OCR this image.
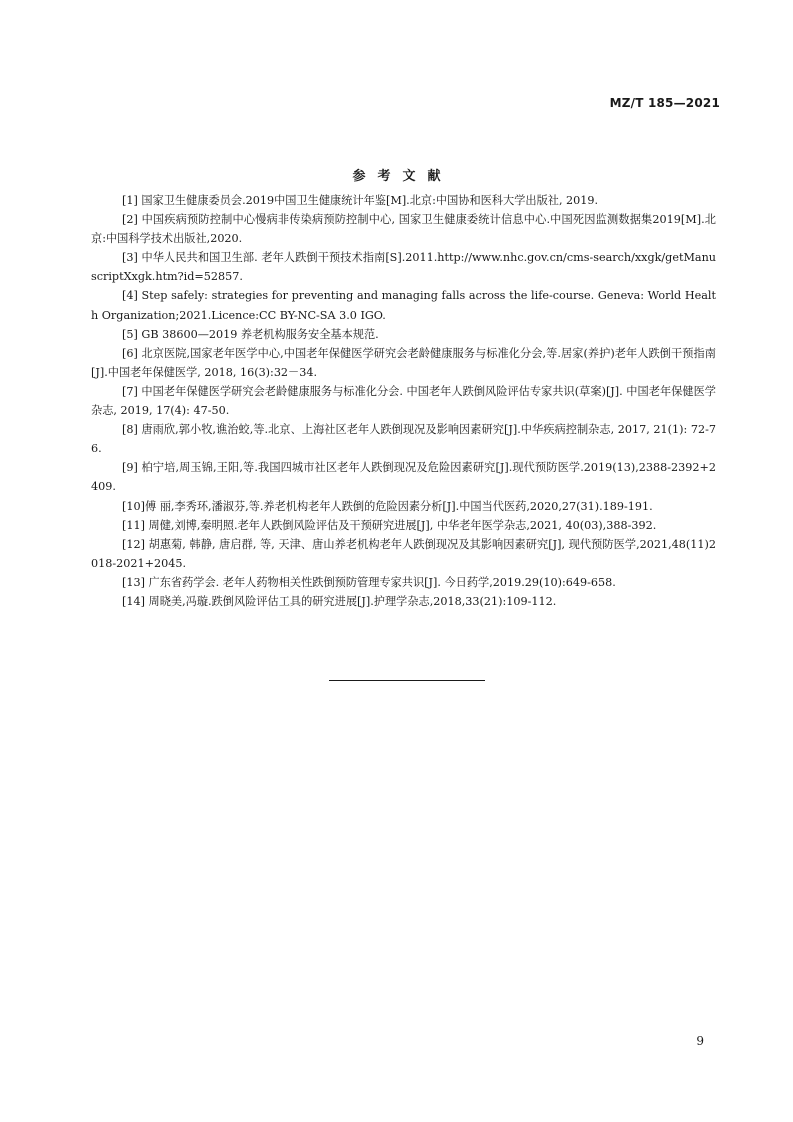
MZ/T 185—2021
参考文献

[1] 国家卫生健康委员会.2019中国卫生健康统计年鉴[M].北京:中国协和医科大学出版社, 2019.

[2] 中国疾病预防控制中心慢病非传染病预防控制中心, 国家卫生健康委统计信息中心.中国死因监测数据集2019[M].北京:中国科学技术出版社,2020.

[3] 中华人民共和国卫生部. 老年人跌倒干预技术指南[S].2011.http://www.nhc.gov.cn/cms-search/xxgk/getManuscriptXxgk.htm?id=52857.

[4] Step safely: strategies for preventing and managing falls across the life-course. Geneva: World Health Organization;2021.Licence:CC BY-NC-SA 3.0 IGO.

[5] GB 38600—2019 养老机构服务安全基本规范.

[6] 北京医院,国家老年医学中心,中国老年保健医学研究会老龄健康服务与标准化分会,等.居家(养护)老年人跌倒干预指南[J].中国老年保健医学, 2018, 16(3):32－34.

[7] 中国老年保健医学研究会老龄健康服务与标准化分会. 中国老年人跌倒风险评估专家共识(草案)[J]. 中国老年保健医学杂志, 2019, 17(4): 47-50.

[8] 唐雨欣,郭小牧,谯治蛟,等.北京、上海社区老年人跌倒现况及影响因素研究[J].中华疾病控制杂志, 2017, 21(1): 72-76.

[9] 柏宁培,周玉锦,王阳,等.我国四城市社区老年人跌倒现况及危险因素研究[J].现代预防医学.2019(13),2388-2392+2409.

[10]傅 丽,李秀环,潘淑芬,等.养老机构老年人跌倒的危险因素分析[J].中国当代医药,2020,27(31).189-191.

[11] 周健,刘博,秦明照.老年人跌倒风险评估及干预研究进展[J], 中华老年医学杂志,2021, 40(03),388-392.

[12] 胡惠菊, 韩静, 唐启群, 等, 天津、唐山养老机构老年人跌倒现况及其影响因素研究[J], 现代预防医学,2021,48(11)2018-2021+2045.

[13] 广东省药学会. 老年人药物相关性跌倒预防管理专家共识[J]. 今日药学,2019.29(10):649-658.

[14] 周晓美,冯璇.跌倒风险评估工具的研究进展[J].护理学杂志,2018,33(21):109-112.

9
